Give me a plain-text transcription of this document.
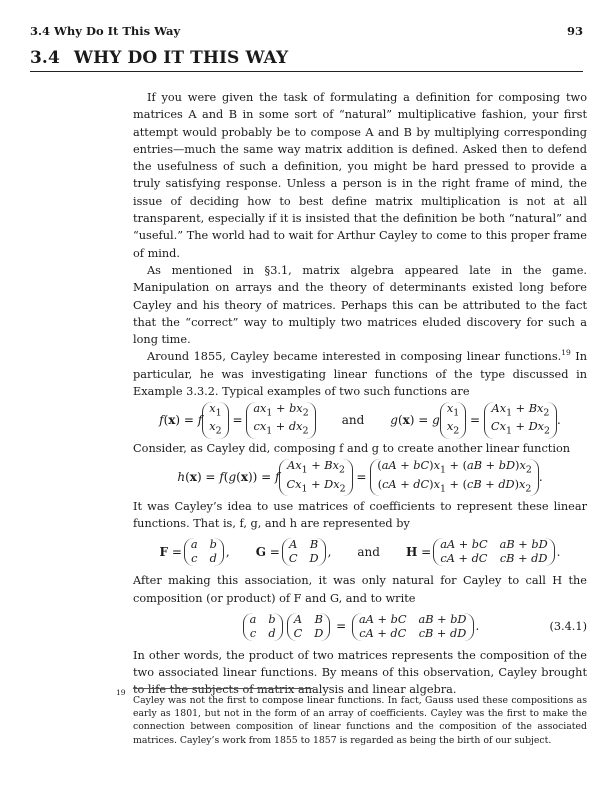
3.4 Why Do It This Way	93
3.4 WHY DO IT THIS WAY

If you were given the task of formulating a definition for composing two matrices A and B in some sort of “natural” multiplicative fashion, your first attempt would probably be to compose A and B by multiplying corresponding entries—much the same way matrix addition is defined. Asked then to defend the usefulness of such a definition, you might be hard pressed to provide a truly satisfying response. Unless a person is in the right frame of mind, the issue of deciding how to best define matrix multiplication is not at all transparent, especially if it is insisted that the definition be both “natural” and “useful.” The world had to wait for Arthur Cayley to come to this proper frame of mind.

As mentioned in §3.1, matrix algebra appeared late in the game. Manipulation on arrays and the theory of determinants existed long before Cayley and his theory of matrices. Perhaps this can be attributed to the fact that the “correct” way to multiply two matrices eluded discovery for such a long time.

Around 1855, Cayley became interested in composing linear functions.$^{19}$ In particular, he was investigating linear functions of the type discussed in Example 3.3.2. Typical examples of two such functions are

f(x) = f
$x_1$
$x_2$
=
$ax_1 + bx_2$
$cx_1 + dx_2$
and g(x) = g
$x_1$
$x_2$
=
$Ax_1 + Bx_2$
$Cx_1 + Dx_2$
.

Consider, as Cayley did, composing f and g to create another linear function

h(x) = f(g(x)) = f
$Ax_1 + Bx_2$
$Cx_1 + Dx_2$
=
$(aA + bC)x_1 + (aB + bD)x_2$
$(cA + dC)x_1 + (cB + dD)x_2$
.

It was Cayley’s idea to use matrices of coefficients to represent these linear functions. That is, f, g, and h are represented by

F = a b
c d
, G = A B
C D
, and H = aA + bC aB + bD
cA + dC cB + dD
.

After making this association, it was only natural for Cayley to call H the composition (or product) of F and G, and to write

a b
c d
A B
C D
= aA + bC aB + bD
cA + dC cB + dD
.	(3.4.1)

In other words, the product of two matrices represents the composition of the two associated linear functions. By means of this observation, Cayley brought to life the subjects of matrix analysis and linear algebra.

19
Cayley was not the first to compose linear functions. In fact, Gauss used these compositions as early as 1801, but not in the form of an array of coefficients. Cayley was the first to make the connection between composition of linear functions and the composition of the associated matrices. Cayley’s work from 1855 to 1857 is regarded as being the birth of our subject.
